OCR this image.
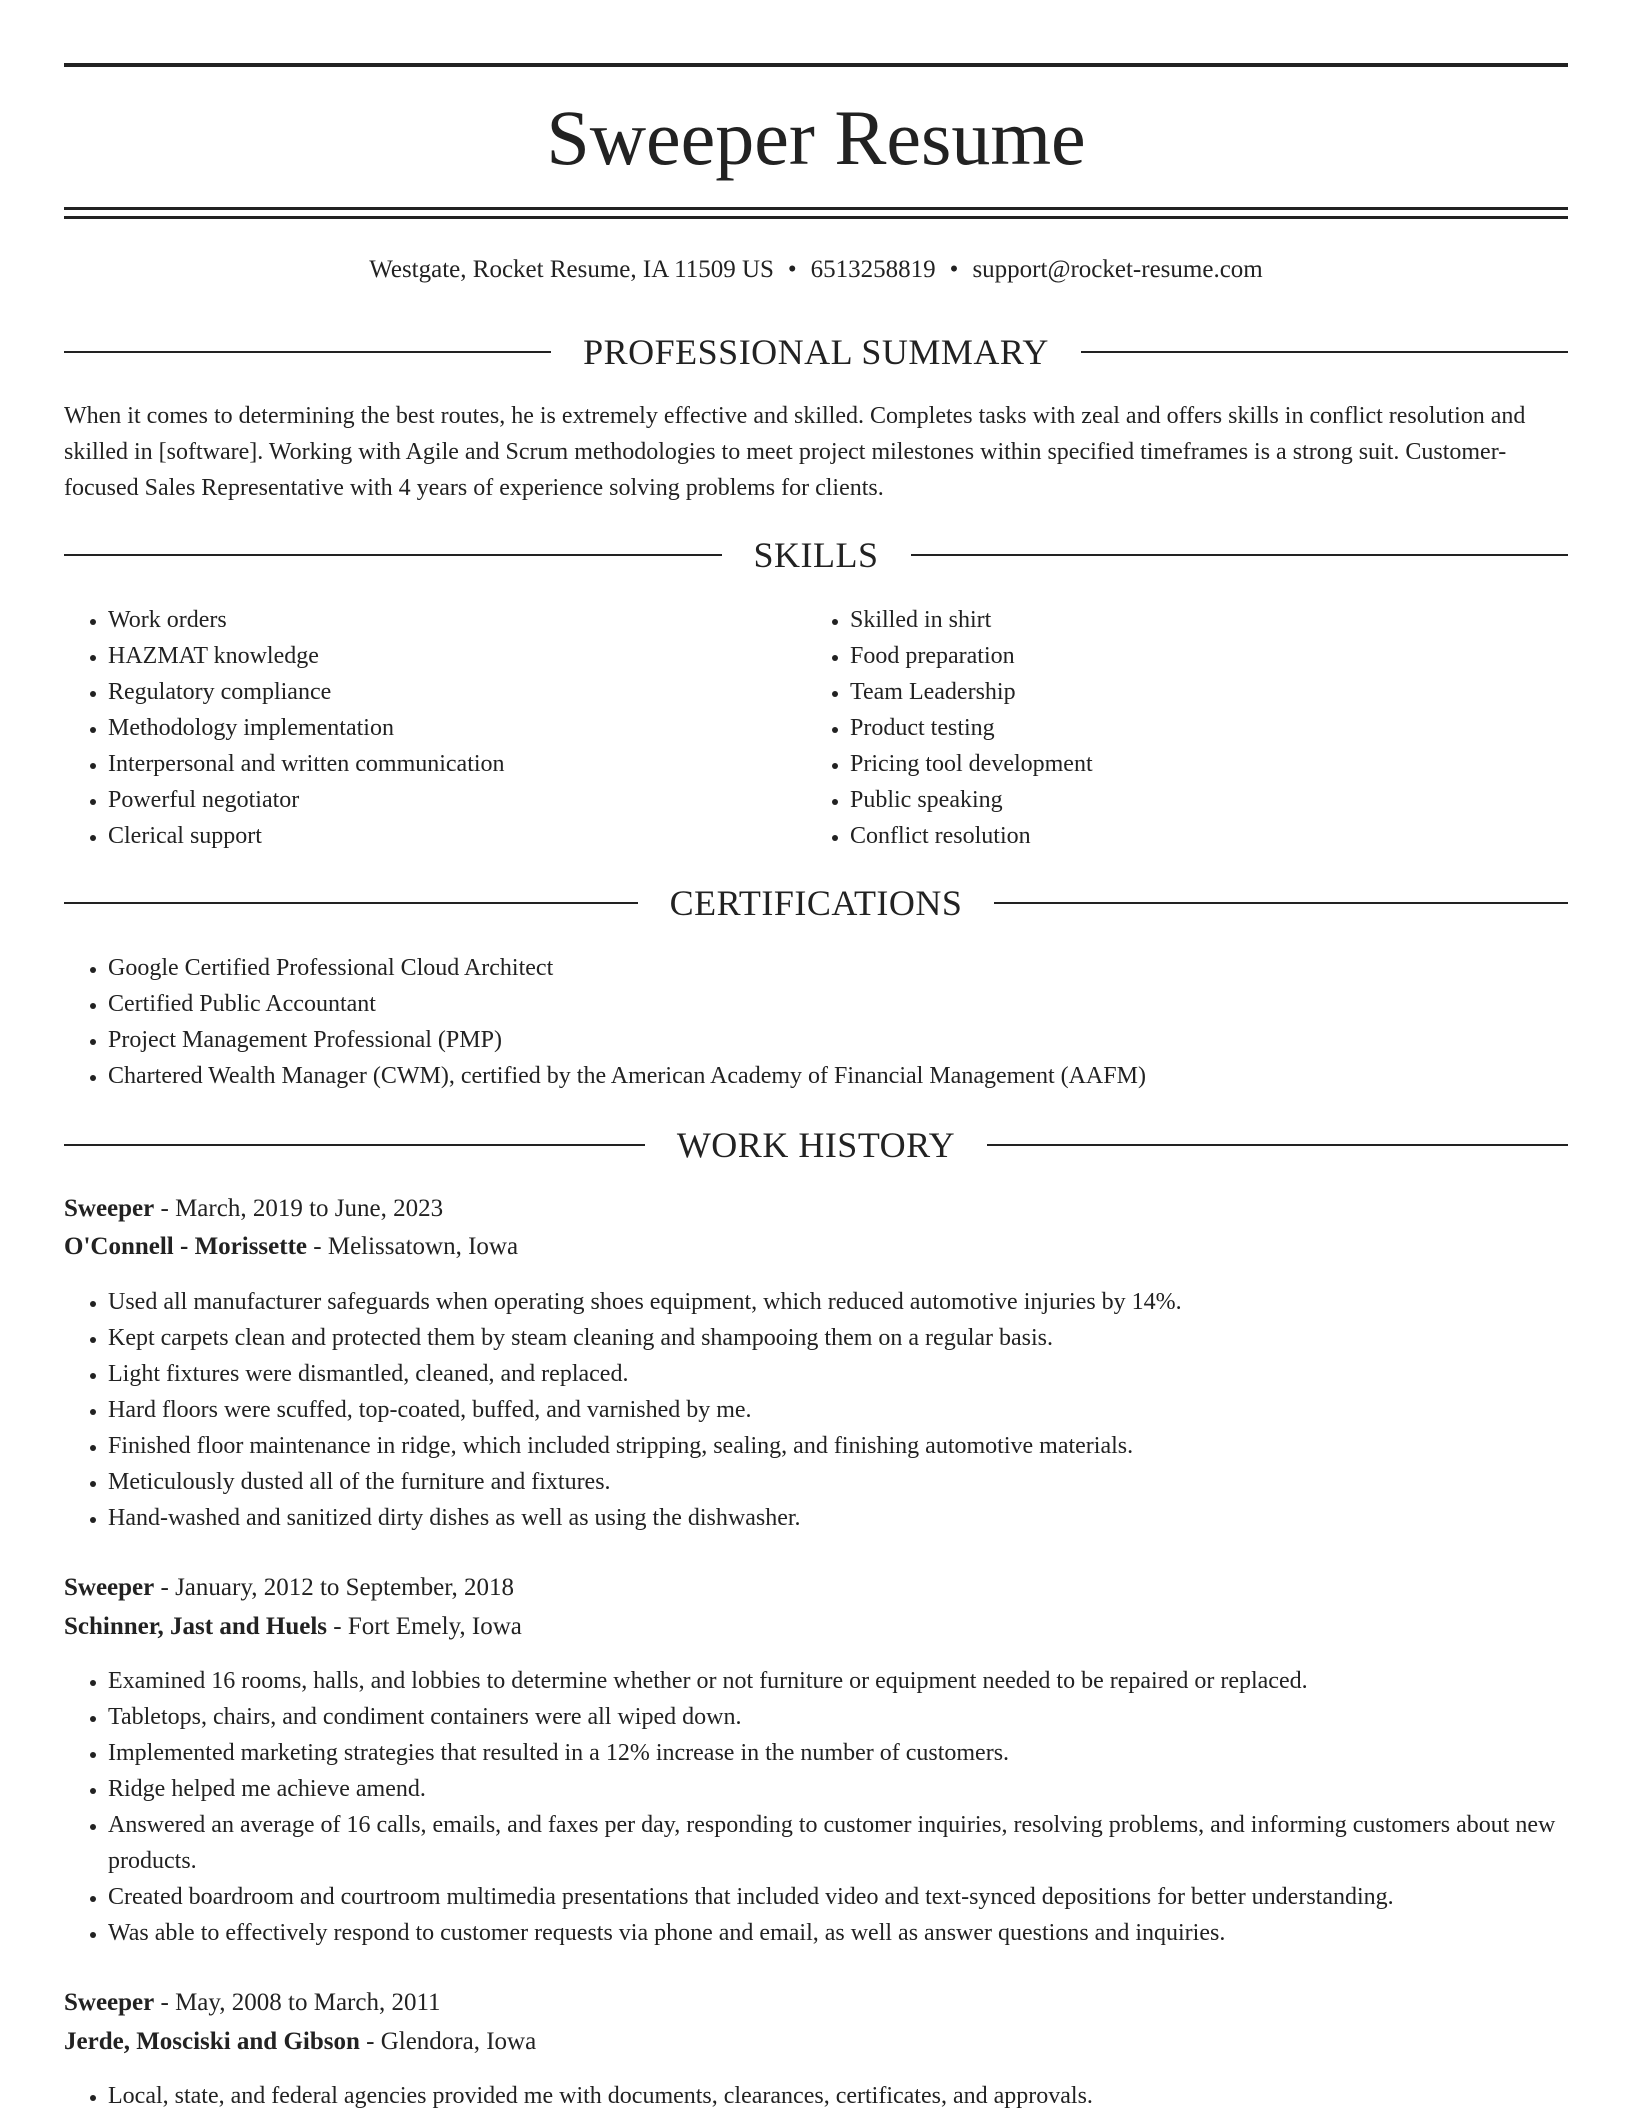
Sweeper Resume
Westgate, Rocket Resume, IA 11509 US • 6513258819 • support@rocket-resume.com
PROFESSIONAL SUMMARY

When it comes to determining the best routes, he is extremely effective and skilled. Completes tasks with zeal and offers skills in conflict resolution and skilled in [software]. Working with Agile and Scrum methodologies to meet project milestones within specified timeframes is a strong suit. Customer-focused Sales Representative with 4 years of experience solving problems for clients.

SKILLS
• Work orders
• HAZMAT knowledge
• Regulatory compliance
• Methodology implementation
• Interpersonal and written communication
• Powerful negotiator
• Clerical support
• Skilled in shirt
• Food preparation
• Team Leadership
• Product testing
• Pricing tool development
• Public speaking
• Conflict resolution
CERTIFICATIONS
• Google Certified Professional Cloud Architect
• Certified Public Accountant
• Project Management Professional (PMP)
• Chartered Wealth Manager (CWM), certified by the American Academy of Financial Management (AAFM)
WORK HISTORY
Sweeper - March, 2019 to June, 2023
O'Connell - Morissette - Melissatown, Iowa
• Used all manufacturer safeguards when operating shoes equipment, which reduced automotive injuries by 14%.
• Kept carpets clean and protected them by steam cleaning and shampooing them on a regular basis.
• Light fixtures were dismantled, cleaned, and replaced.
• Hard floors were scuffed, top-coated, buffed, and varnished by me.
• Finished floor maintenance in ridge, which included stripping, sealing, and finishing automotive materials.
• Meticulously dusted all of the furniture and fixtures.
• Hand-washed and sanitized dirty dishes as well as using the dishwasher.
Sweeper - January, 2012 to September, 2018
Schinner, Jast and Huels - Fort Emely, Iowa
• Examined 16 rooms, halls, and lobbies to determine whether or not furniture or equipment needed to be repaired or replaced.
• Tabletops, chairs, and condiment containers were all wiped down.
• Implemented marketing strategies that resulted in a 12% increase in the number of customers.
• Ridge helped me achieve amend.
• Answered an average of 16 calls, emails, and faxes per day, responding to customer inquiries, resolving problems, and informing customers about new products.
• Created boardroom and courtroom multimedia presentations that included video and text-synced depositions for better understanding.
• Was able to effectively respond to customer requests via phone and email, as well as answer questions and inquiries.
Sweeper - May, 2008 to March, 2011
Jerde, Mosciski and Gibson - Glendora, Iowa
• Local, state, and federal agencies provided me with documents, clearances, certificates, and approvals.
